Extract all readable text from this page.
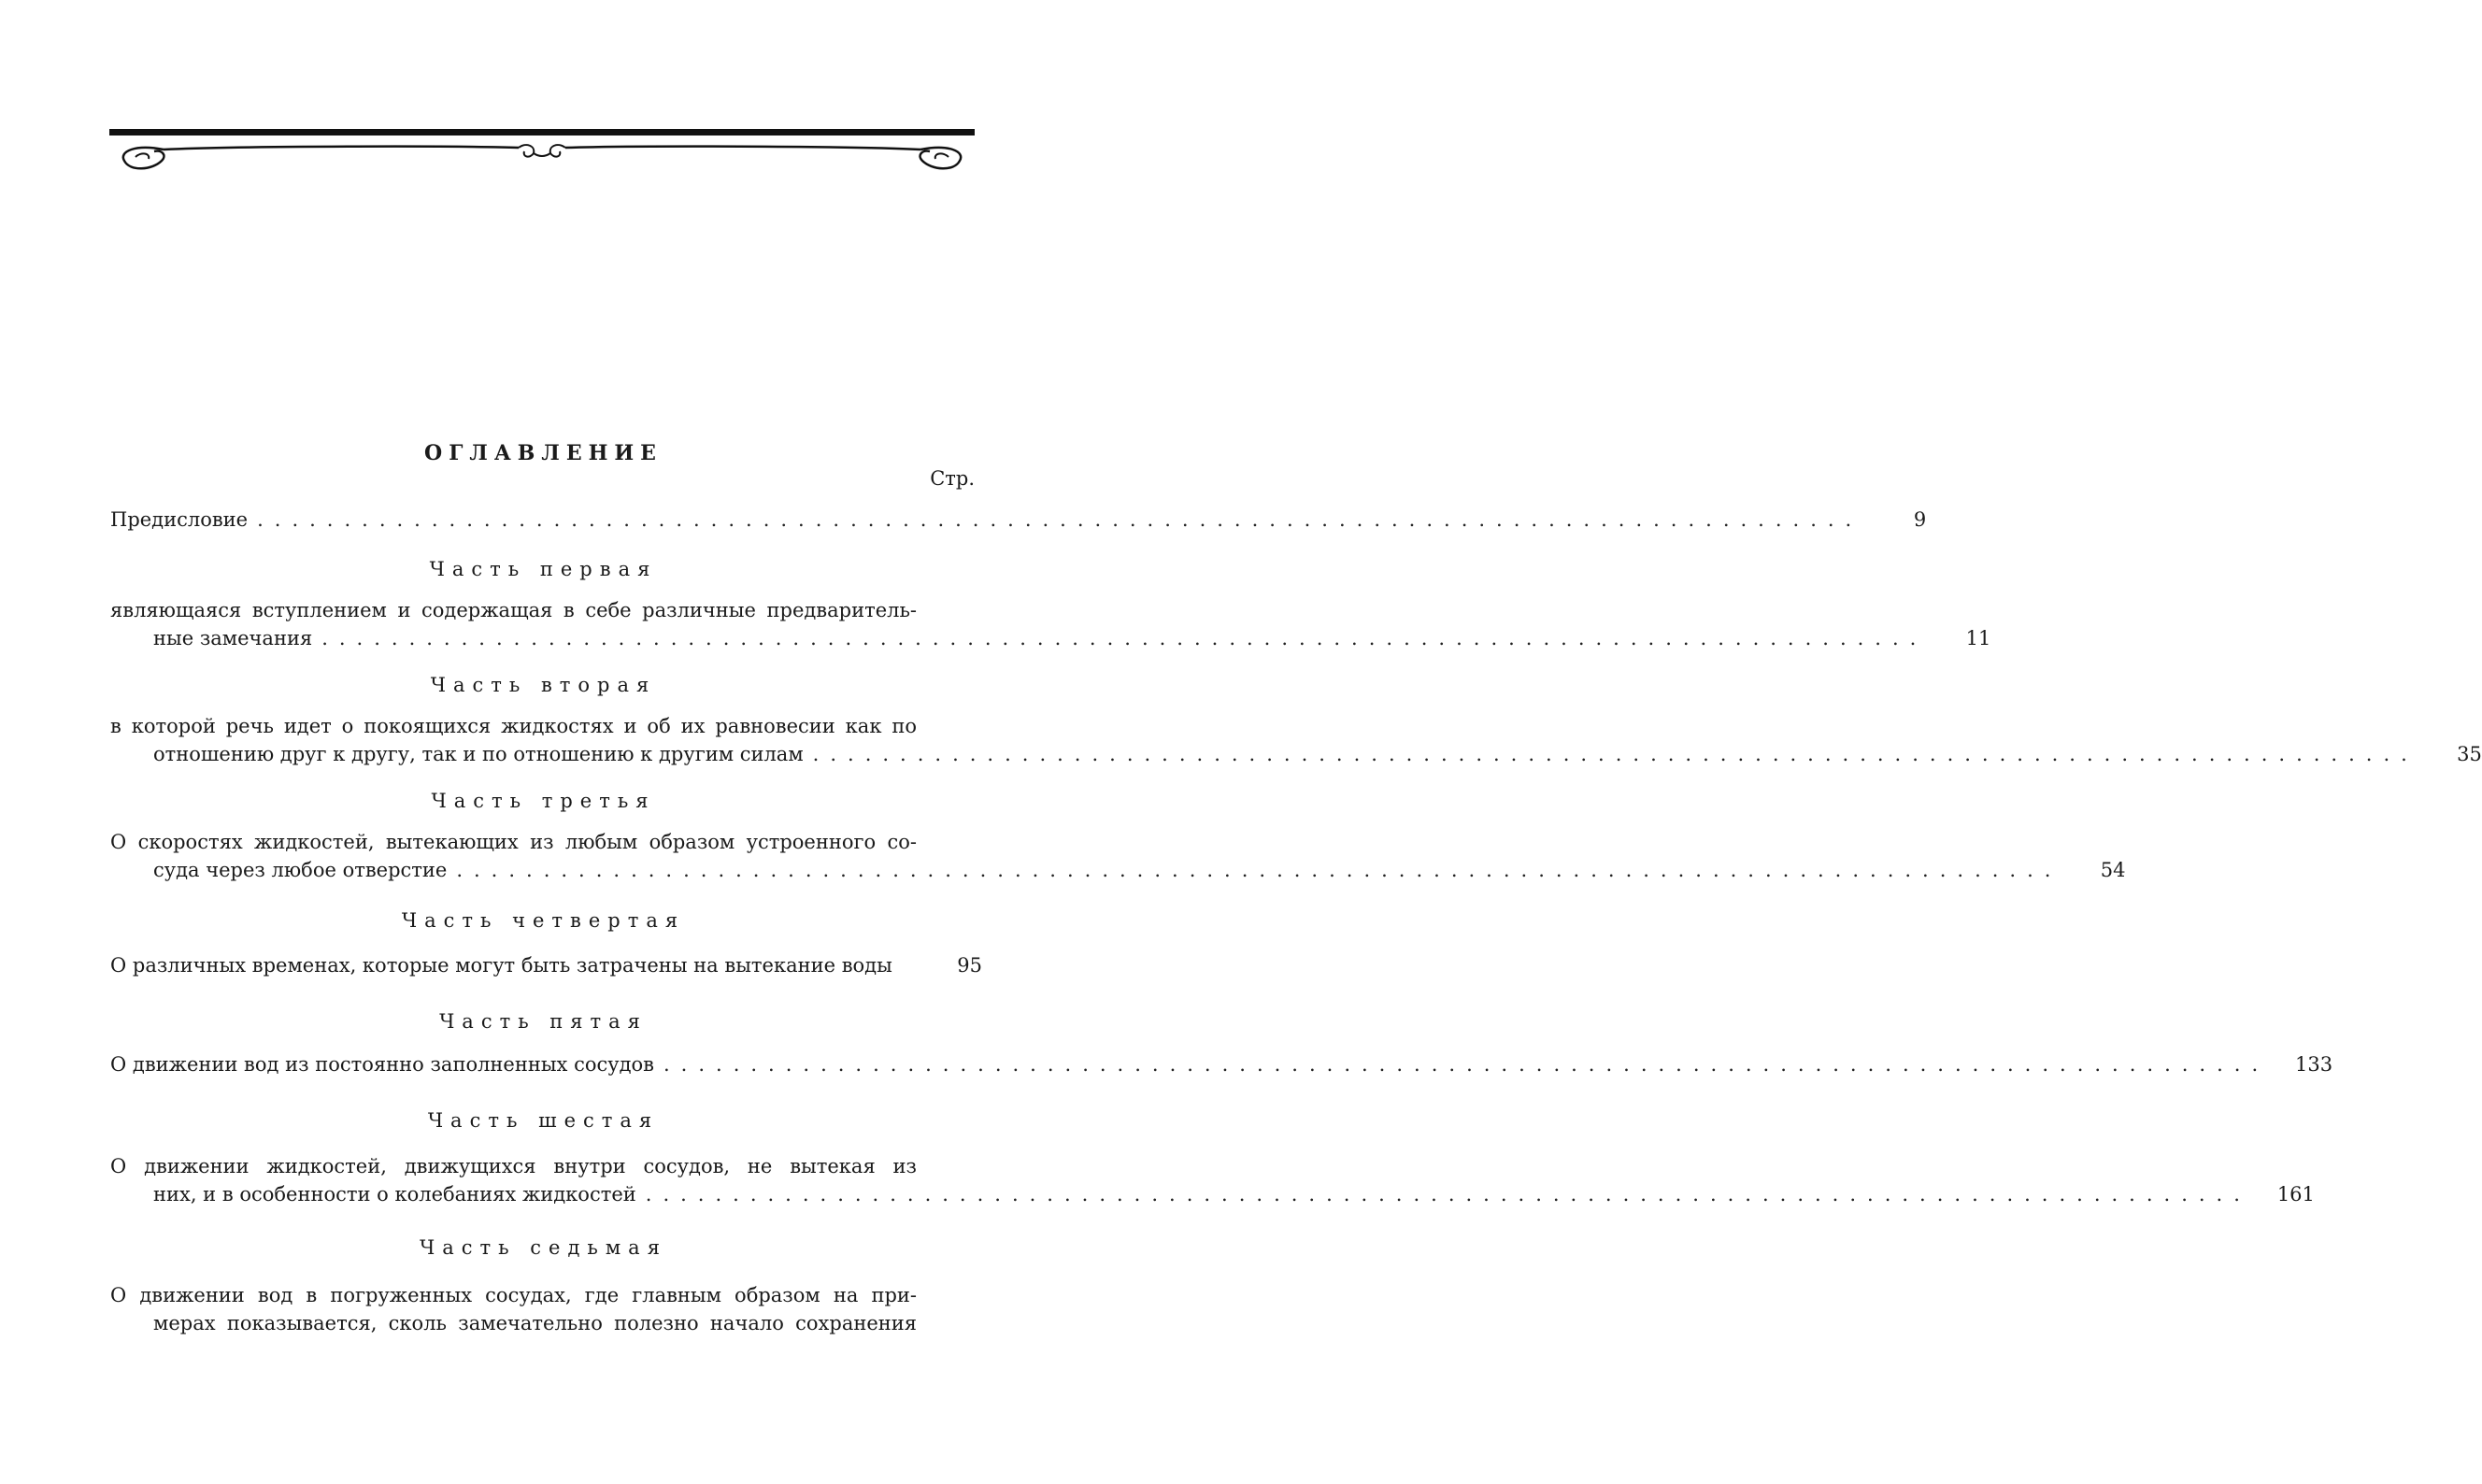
ОГЛАВЛЕНИЕ
Стр.
Предисловие ............................................................................................	9
Часть первая
являющаяся вступлением и содержащая в себе различные предваритель-
ные замечания ............................................................................................	11
Часть вторая
в которой речь идет о покоящихся жидкостях и об их равновесии как по
отношению друг к другу, так и по отношению к другим силам ............................................................................................	35
Часть третья
О скоростях жидкостей, вытекающих из любым образом устроенного со-
суда через любое отверстие ............................................................................................	54
Часть четвертая
О различных временах, которые могут быть затрачены на вытекание воды	95
Часть пятая
О движении вод из постоянно заполненных сосудов ............................................................................................	133
Часть шестая
О движении жидкостей, движущихся внутри сосудов, не вытекая из
них, и в особенности о колебаниях жидкостей ............................................................................................	161
Часть седьмая
О движении вод в погруженных сосудах, где главным образом на при-
мерах показывается, сколь замечательно полезно начало сохранения
